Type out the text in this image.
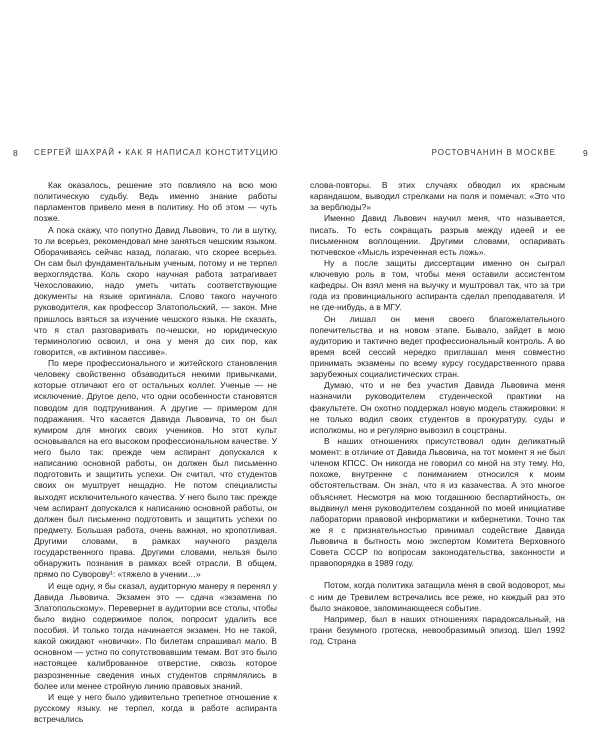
8 СЕРГЕЙ ШАХРАЙ • КАК Я НАПИСАЛ КОНСТИТУЦИЮ

Как оказалось, решение это повлияло на всю мою политическую судьбу. Ведь именно знание работы парламентов привело меня в политику. Но об этом — чуть позже.

А пока скажу, что попутно Давид Львович, то ли в шутку, то ли всерьез, рекомендовал мне заняться чешским языком. Оборачиваясь сейчас назад, полагаю, что скорее всерьез. Он сам был фундаментальным ученым, потому и не терпел верхоглядства. Коль скоро научная работа затрагивает Чехословакию, надо уметь читать соответствующие документы на языке оригинала. Слово такого научного руководителя, как профессор Златопольский, — закон. Мне пришлось взяться за изучение чешского языка. Не сказать, что я стал разговаривать по-чешски, но юридическую терминологию освоил, и она у меня до сих пор, как говорится, «в активном пассиве».

По мере профессионального и житейского становления человеку свойственно обзаводиться некими привычками, которые отличают его от остальных коллег. Ученые — не исключение. Другое дело, что одни особенности становятся поводом для подтрунивания. А другие — примером для подражания. Что касается Давида Львовича, то он был кумиром для многих своих учеников. Но этот культ основывался на его высоком профессиональном качестве. У него было так: прежде чем аспирант допускался к написанию основной работы, он должен был письменно подготовить и защитить успехи. Он считал, что студентов своих он муштрует нещадно. Не потом специалисты выходят исключительного качества. У него было так: прежде чем аспирант допускался к написанию основной работы, он должен был письменно подготовить и защитить успехи по предмету. Большая работа, очень важная, но кропотливая. Другими словами, в рамках научного раздела государственного права. Другими словами, нельзя было обнаружить познания в рамках всей отрасли. В общем, прямо по Суворову¹: «тяжело в учении…»

И еще одну, я бы сказал, аудиторную манеру я перенял у Давида Львовича. Экзамен это — сдача «экзамена по Златопольскому». Перевернет в аудитории все столы, чтобы было видно содержимое полок, попросит удалить все пособия. И только тогда начинается экзамен. Но не такой, какой ожидают «новички». По билетам спрашивал мало. В основном — устно по сопутствовавшим темам. Вот это было настоящее калиброванное отверстие, сквозь которое разрозненные сведения иных студентов спрямлялись в более или менее стройную линию правовых знаний.

И еще у него было удивительно трепетное отношение к русскому языку. не терпел, когда в работе аспиранта встречались

РОСТОВЧАНИН В МОСКВЕ	9

слова-повторы. В этих случаях обводил их красным карандашом, выводил стрелками на поля и помечал: «Это что за верблюды?»

Именно Давид Львович научил меня, что называется, писать. То есть сокращать разрыв между идеей и ее письменном воплощении. Другими словами, оспаривать тютчевское «Мысль изреченная есть ложь».

Ну а после защиты диссертации именно он сыграл ключевую роль в том, чтобы меня оставили ассистентом кафедры. Он взял меня на выучку и муштровал так, что за три года из провинциального аспиранта сделал преподавателя. И не где-нибудь, а в МГУ.

Он лишал он меня своего благожелательного попечительства и на новом этапе. Бывало, зайдет в мою аудиторию и тактично ведет профессиональный контроль. А во время всей сессий нередко приглашал меня совместно принимать экзамены по всему курсу государственного права зарубежных социалистических стран.

Думаю, что и не без участия Давида Львовича меня назначили руководителем студенческой практики на факультете. Он охотно поддержал новую модель стажировки: я не только водил своих студентов в прокуратуру, суды и исполкомы, но и регулярно вывозил в соцстраны.

В наших отношениях присутствовал один деликатный момент: в отличие от Давида Львовича, на тот момент я не был членом КПСС. Он никогда не говорил со мной на эту тему. Но, похоже, внутренне с пониманием относился к моим обстоятельствам. Он знал, что я из казачества. А это многое объясняет. Несмотря на мою тогдашнюю беспартийность, он выдвинул меня руководителем созданной по моей инициативе лаборатории правовой информатики и кибернетики. Точно так же я с признательностью принимал содействие Давида Львовича в бытность мою экспертом Комитета Верховного Совета СССР по вопросам законодательства, законности и правопорядка в 1989 году.

Потом, когда политика затащила меня в свой водоворот, мы с ним де Тревилем встречались все реже, но каждый раз это было знаковое, запоминающееся событие.

Например, был в наших отношениях парадоксальный, на грани безумного гротеска, невообразимый эпизод. Шел 1992 год. Страна
